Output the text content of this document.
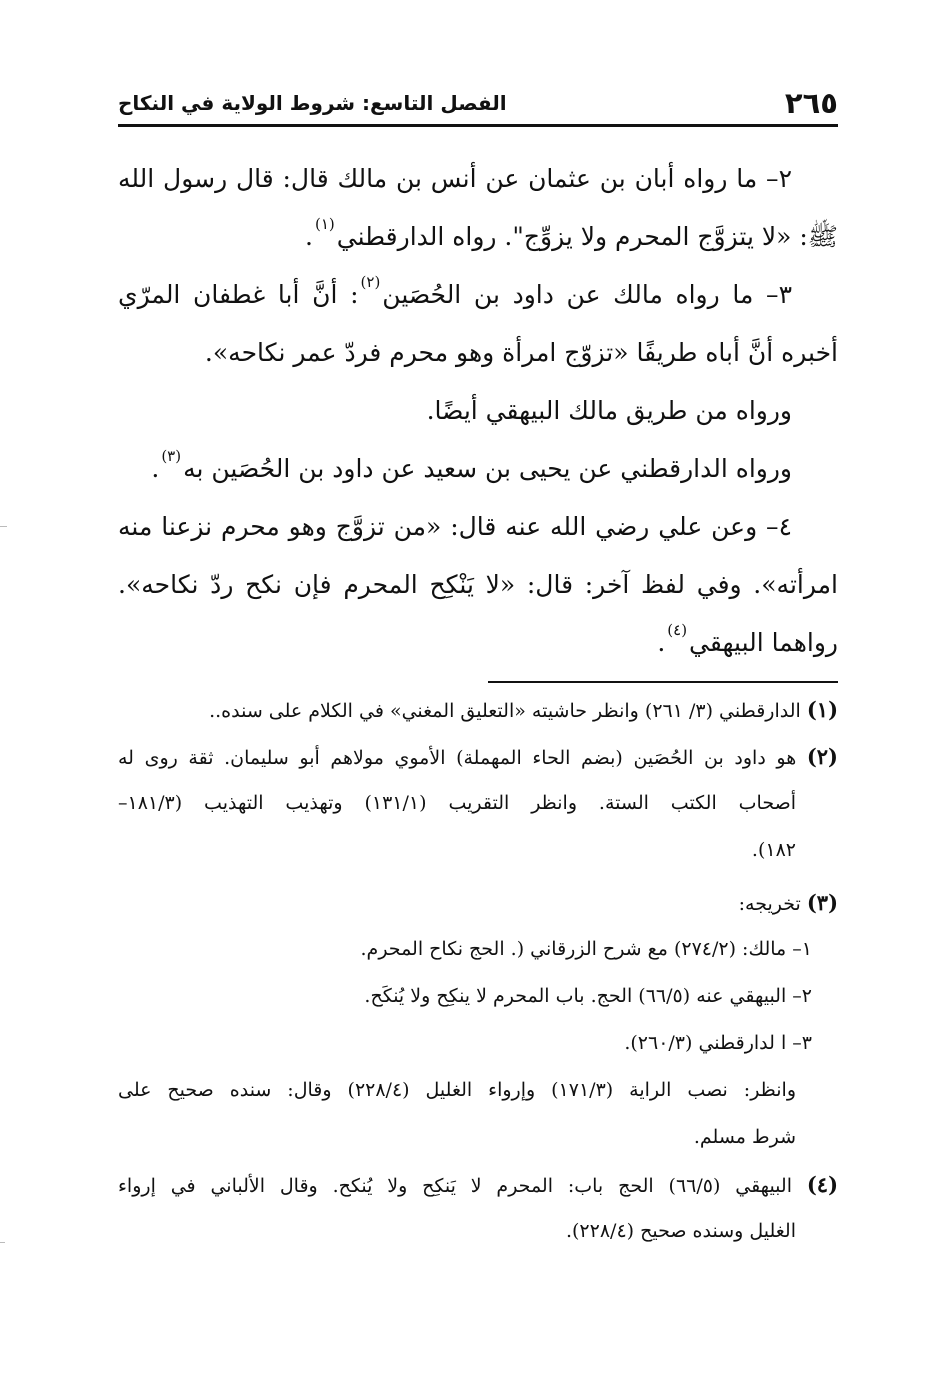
٢٦٥
الفصل التاسع: شروط الولاية في النكاح
٢– ما رواه أبان بن عثمان عن أنس بن مالك قال: قال رسول الله
ﷺ: «لا يتزوَّج المحرم ولا يزوِّج". رواه الدارقطني$^{(١)}$.
٣– ما رواه مالك عن داود بن الحُصَين$^{(٢)}$: أنَّ أبا غطفان المرّي
أخبره أنَّ أباه طريفًا «تزوّج امرأة وهو محرم فردّ عمر نكاحه».
ورواه من طريق مالك البيهقي أيضًا.
ورواه الدارقطني عن يحيى بن سعيد عن داود بن الحُصَين به$^{(٣)}$.
٤– وعن علي رضي الله عنه قال: «من تزوَّج وهو محرم نزعنا منه
امرأته». وفي لفظ آخر: قال: «لا يَنْكِح المحرم فإن نكح ردّ نكاحه».
رواهما البيهقي$^{(٤)}$.
(١) الدارقطني (٣/ ٢٦١) وانظر حاشيته «التعليق المغني» في الكلام على سنده..
(٢) هو داود بن الحُصَين (بضم الحاء المهملة) الأموي مولاهم أبو سليمان. ثقة روى له
أصحاب الكتب الستة. وانظر التقريب (١٣١/١) وتهذيب التهذيب (١٨١/٣–
١٨٢).
(٣) تخريجه:
١– مالك: (٢٧٤/٢) مع شرح الزرقاني (. الحج نكاح المحرم.
٢– البيهقي عنه (٦٦/٥) الحج. باب المحرم لا ينكِح ولا يُنكَح.
٣– ا لدارقطني (٢٦٠/٣).
وانظر: نصب الراية (١٧١/٣) وإرواء الغليل (٢٢٨/٤) وقال: سنده صحيح على
شرط مسلم.
(٤) البيهقي (٦٦/٥) الحج باب: المحرم لا يَنكِح ولا يُنكح. وقال الألباني في إرواء
الغليل وسنده صحيح (٢٢٨/٤).
